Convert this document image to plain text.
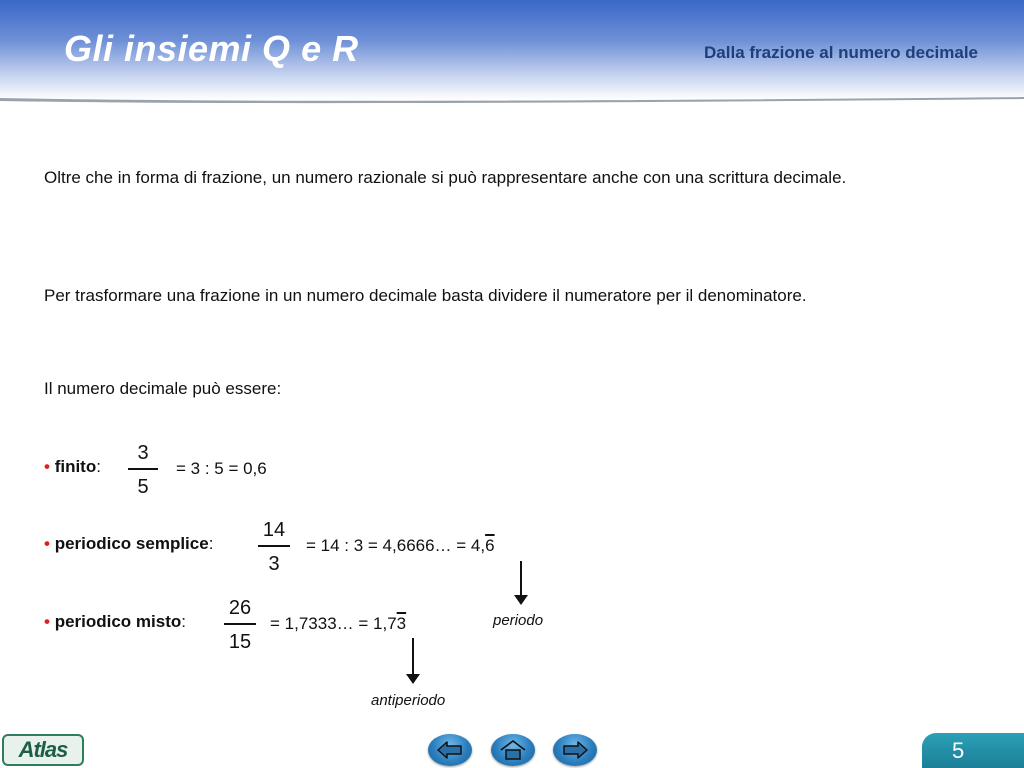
Gli insiemi Q e R	Dalla frazione al numero decimale
Oltre che in forma di frazione, un numero razionale si può rappresentare anche con una scrittura decimale.
Per trasformare una frazione in un numero decimale basta dividere il numeratore per il denominatore.
Il numero decimale può essere:
• finito:
3
5
= 3 : 5 = 0,6
• periodico semplice:
14
3
= 14 : 3 = 4,6666… = 4,6
periodo
• periodico misto:
26
15
= 1,7333… = 1,73
antiperiodo
Atlas	5
